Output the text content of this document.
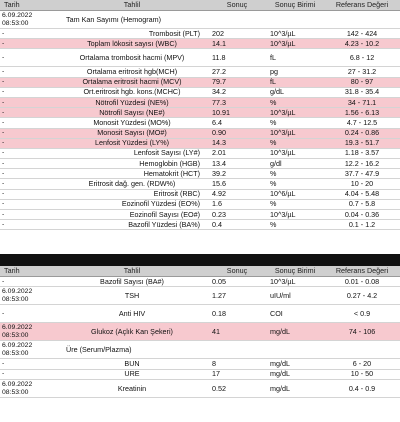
Tarih	Tahlil	Sonuç	Sonuç Birimi	Referans Değeri
6.09.2022
08:53:00	Tam Kan Sayımı (Hemogram)			
-	Trombosit (PLT)	202	10^3/µL	142 - 424
-	Toplam lökosit sayısı (WBC)	14.1	10^3/µL	4.23 - 10.2
-	Ortalama trombosit hacmi (MPV)	11.8	fL	6.8 - 12
-	Ortalama eritrosit hgb(MCH)	27.2	pg	27 - 31.2
-	Ortalama eritrosit hacmi (MCV)	79.7	fL	80 - 97
-	Ort.eritrosit hgb. kons.(MCHC)	34.2	g/dL	31.8 - 35.4
-	Nötrofil Yüzdesi (NE%)	77.3	%	34 - 71.1
-	Nötrofil Sayısı (NE#)	10.91	10^3/µL	1.56 - 6.13
-	Monosit Yüzdesi (MO%)	6.4	%	4.7 - 12.5
-	Monosit Sayısı (MO#)	0.90	10^3/µL	0.24 - 0.86
-	Lenfosit Yüzdesi (LY%)	14.3	%	19.3 - 51.7
-	Lenfosit Sayısı (LY#)	2.01	10^3/µL	1.18 - 3.57
-	Hemoglobin (HGB)	13.4	g/dl	12.2 - 16.2
-	Hematokrit (HCT)	39.2	%	37.7 - 47.9
-	Eritrosit dağ. gen. (RDW%)	15.6	%	10 - 20
-	Eritrosit (RBC)	4.92	10^6/µL	4.04 - 5.48
-	Eozinofil Yüzdesi (EO%)	1.6	%	0.7 - 5.8
-	Eozinofil Sayısı (EO#)	0.23	10^3/µL	0.04 - 0.36
-	Bazofil Yüzdesi (BA%)	0.4	%	0.1 - 1.2
Tarih	Tahlil	Sonuç	Sonuç Birimi	Referans Değeri
-	Bazofil Sayısı (BA#)	0.05	10^3/µL	0.01 - 0.08
6.09.2022
08:53:00	TSH	1.27	uIU/ml	0.27 - 4.2
-	Anti HIV	0.18	COI	< 0.9
6.09.2022
08:53:00	Glukoz (Açlık Kan Şekeri)	41	mg/dL	74 - 106
6.09.2022
08:53:00	Üre (Serum/Plazma)			
-	BUN	8	mg/dL	6 - 20
-	URE	17	mg/dL	10 - 50
6.09.2022
08:53:00	Kreatinin	0.52	mg/dL	0.4 - 0.9
